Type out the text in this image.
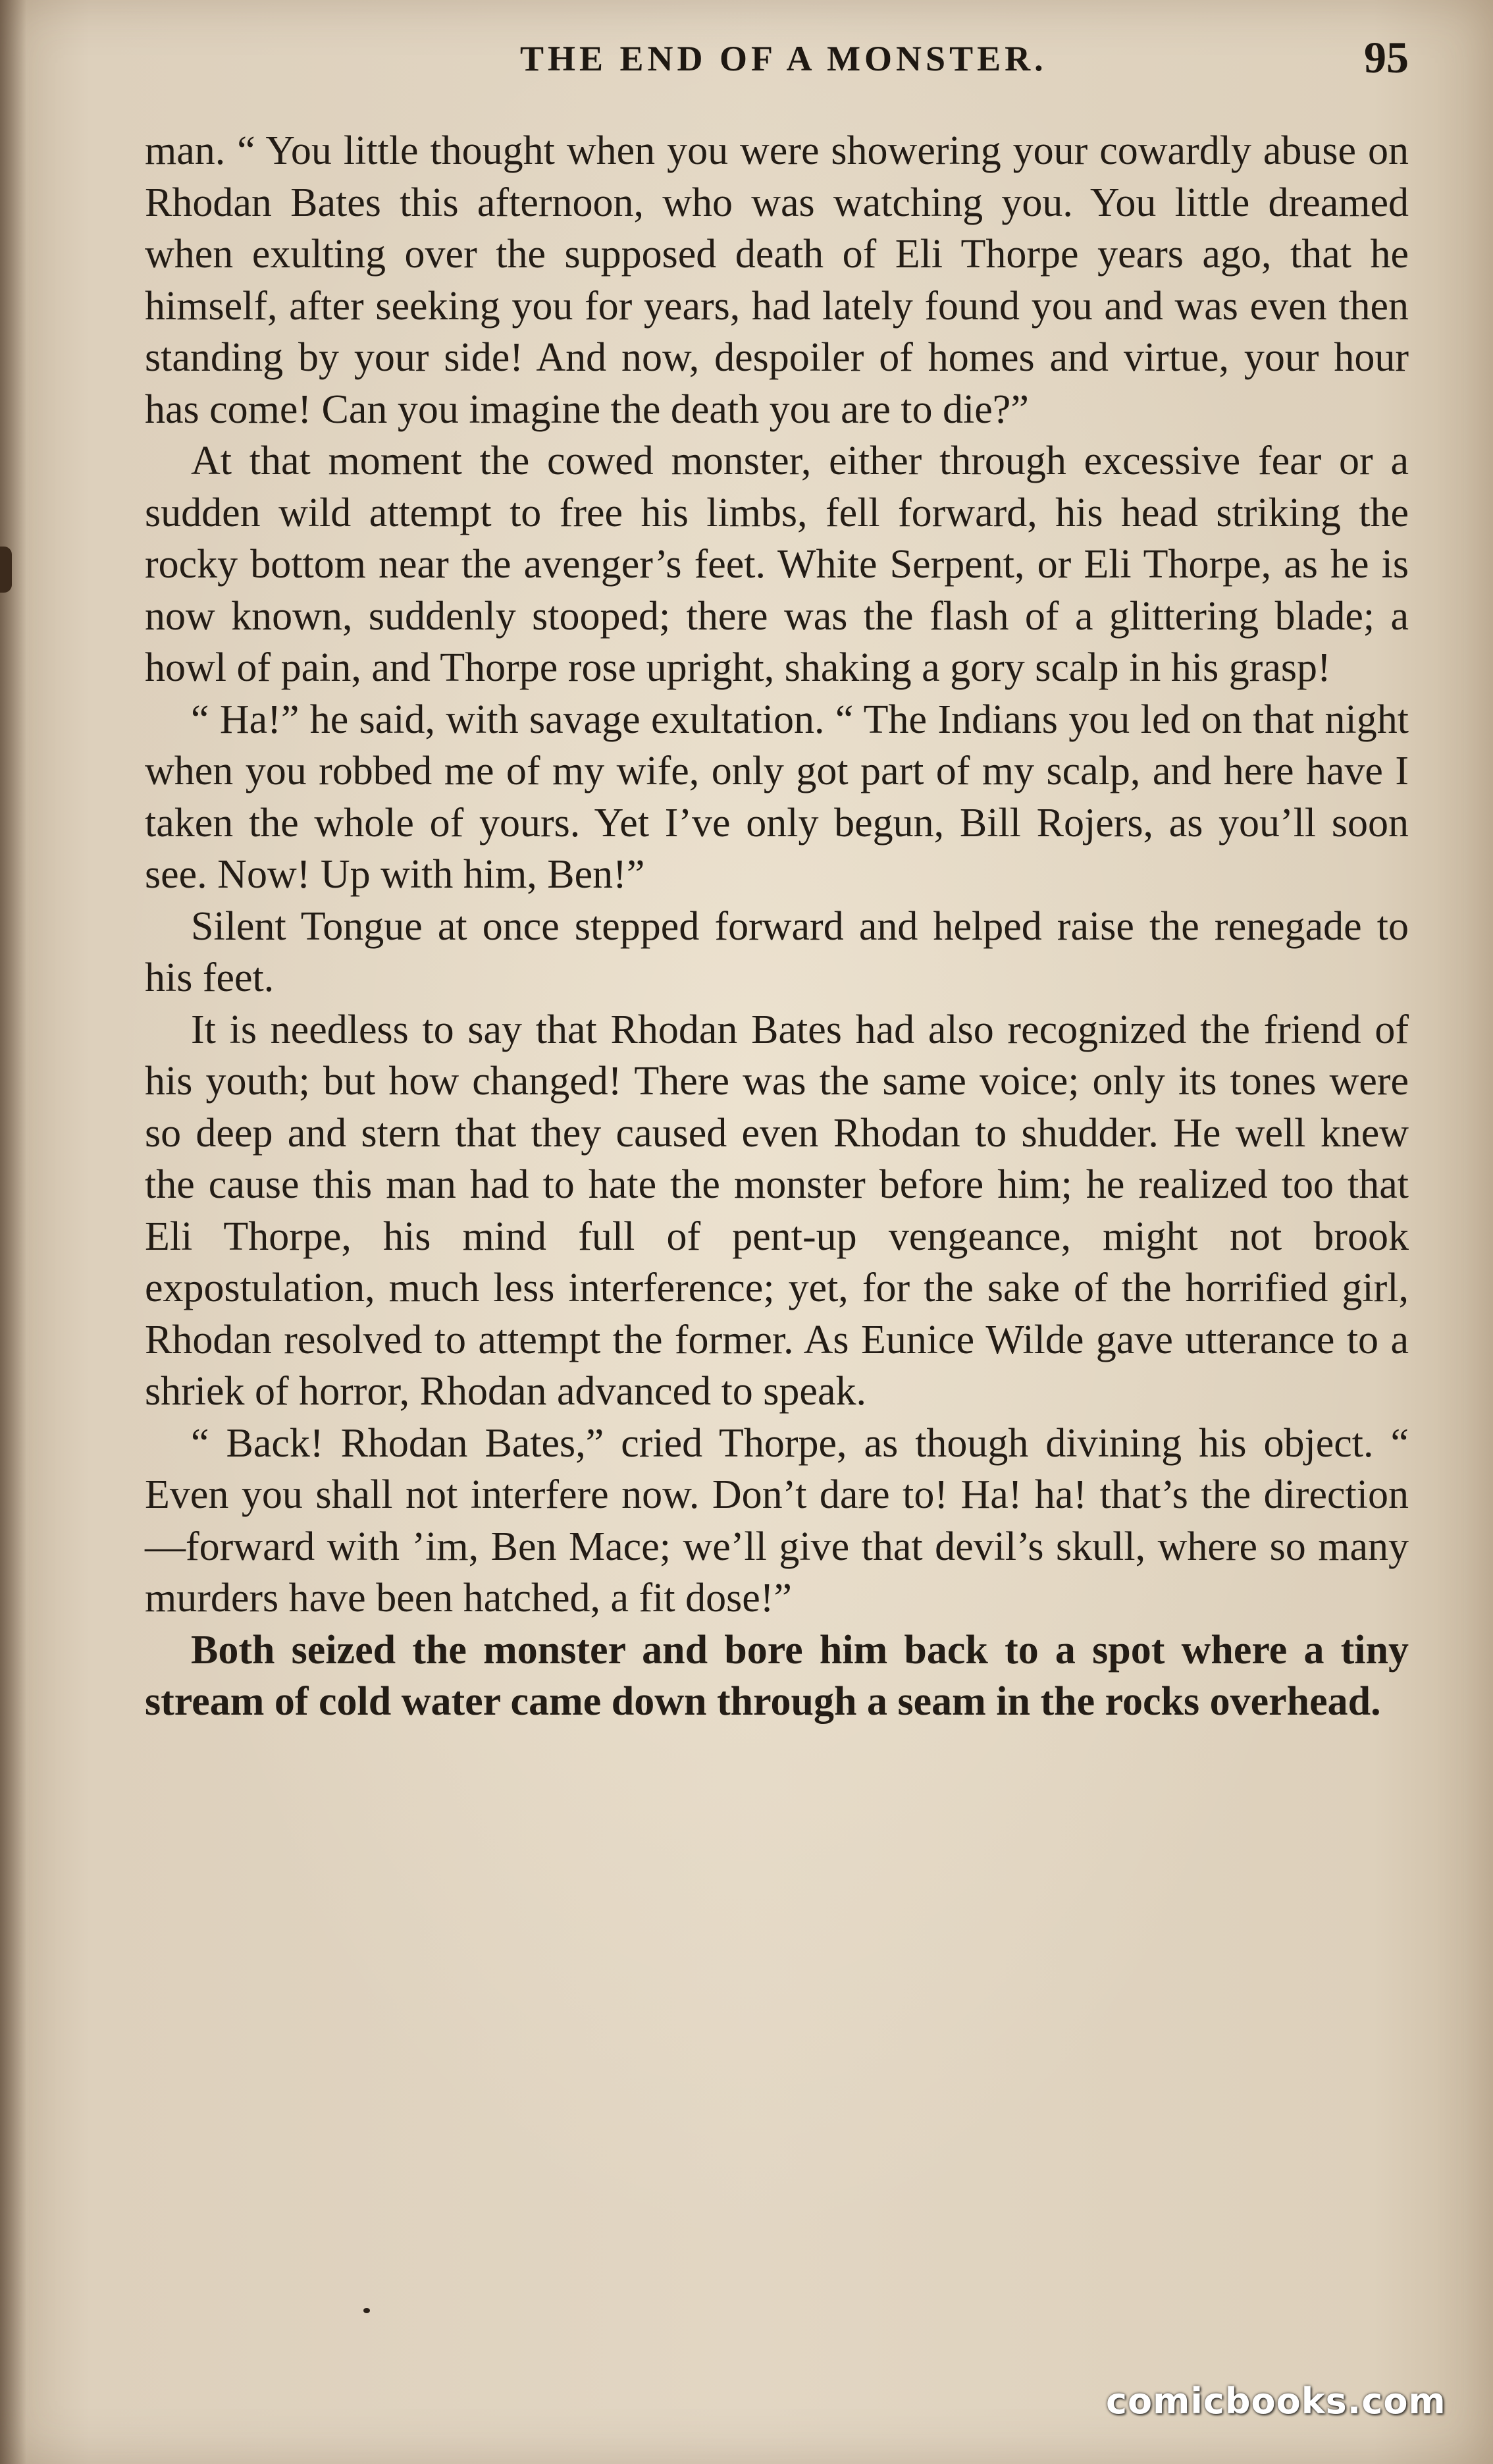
THE END OF A MONSTER.	95

man. “ You little thought when you were showering your cowardly abuse on Rhodan Bates this afternoon, who was watching you. You little dreamed when exulting over the supposed death of Eli Thorpe years ago, that he himself, after seeking you for years, had lately found you and was even then standing by your side! And now, despoiler of homes and virtue, your hour has come! Can you imagine the death you are to die?”

At that moment the cowed monster, either through excessive fear or a sudden wild attempt to free his limbs, fell forward, his head striking the rocky bottom near the avenger’s feet. White Serpent, or Eli Thorpe, as he is now known, suddenly stooped; there was the flash of a glittering blade; a howl of pain, and Thorpe rose upright, shaking a gory scalp in his grasp!

“ Ha!” he said, with savage exultation. “ The Indians you led on that night when you robbed me of my wife, only got part of my scalp, and here have I taken the whole of yours. Yet I’ve only begun, Bill Rojers, as you’ll soon see. Now! Up with him, Ben!”

Silent Tongue at once stepped forward and helped raise the renegade to his feet.

It is needless to say that Rhodan Bates had also recognized the friend of his youth; but how changed! There was the same voice; only its tones were so deep and stern that they caused even Rhodan to shudder. He well knew the cause this man had to hate the monster before him; he realized too that Eli Thorpe, his mind full of pent-up vengeance, might not brook expostulation, much less interference; yet, for the sake of the horrified girl, Rhodan resolved to attempt the former. As Eunice Wilde gave utterance to a shriek of horror, Rhodan advanced to speak.

“ Back! Rhodan Bates,” cried Thorpe, as though divining his object. “ Even you shall not interfere now. Don’t dare to! Ha! ha! that’s the direction—forward with ’im, Ben Mace; we’ll give that devil’s skull, where so many murders have been hatched, a fit dose!”

Both seized the monster and bore him back to a spot where a tiny stream of cold water came down through a seam in the rocks overhead.

comicbooks.com
